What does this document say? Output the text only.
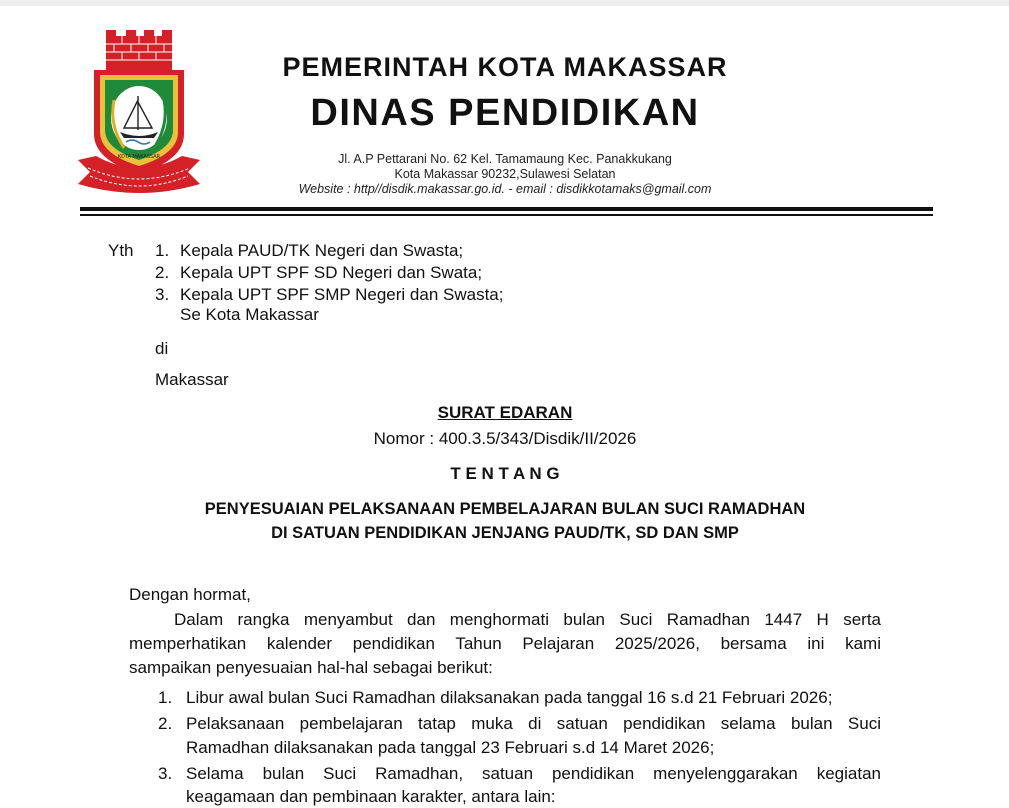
KOTA MAKASSAR
PEMERINTAH KOTA MAKASSAR
DINAS PENDIDIKAN
Jl. A.P Pettarani No. 62 Kel. Tamamaung Kec. Panakkukang
Kota Makassar 90232,Sulawesi Selatan
Website : http//disdik.makassar.go.id. - email : disdikkotamaks@gmail.com
Yth 1. Kepala PAUD/TK Negeri dan Swasta;
2. Kepala UPT SPF SD Negeri dan Swata;
3. Kepala UPT SPF SMP Negeri dan Swasta;
Se Kota Makassar
di
Makassar
SURAT EDARAN
Nomor : 400.3.5/343/Disdik/II/2026
T E N T A N G
PENYESUAIAN PELAKSANAAN PEMBELAJARAN BULAN SUCI RAMADHAN
DI SATUAN PENDIDIKAN JENJANG PAUD/TK, SD DAN SMP
Dengan hormat,
Dalam rangka menyambut dan menghormati bulan Suci Ramadhan 1447 H serta
memperhatikan kalender pendidikan Tahun Pelajaran 2025/2026, bersama ini kami
sampaikan penyesuaian hal-hal sebagai berikut:
1. Libur awal bulan Suci Ramadhan dilaksanakan pada tanggal 16 s.d 21 Februari 2026;
2. Pelaksanaan pembelajaran tatap muka di satuan pendidikan selama bulan Suci
Ramadhan dilaksanakan pada tanggal 23 Februari s.d 14 Maret 2026;
3. Selama bulan Suci Ramadhan, satuan pendidikan menyelenggarakan kegiatan
keagamaan dan pembinaan karakter, antara lain:
